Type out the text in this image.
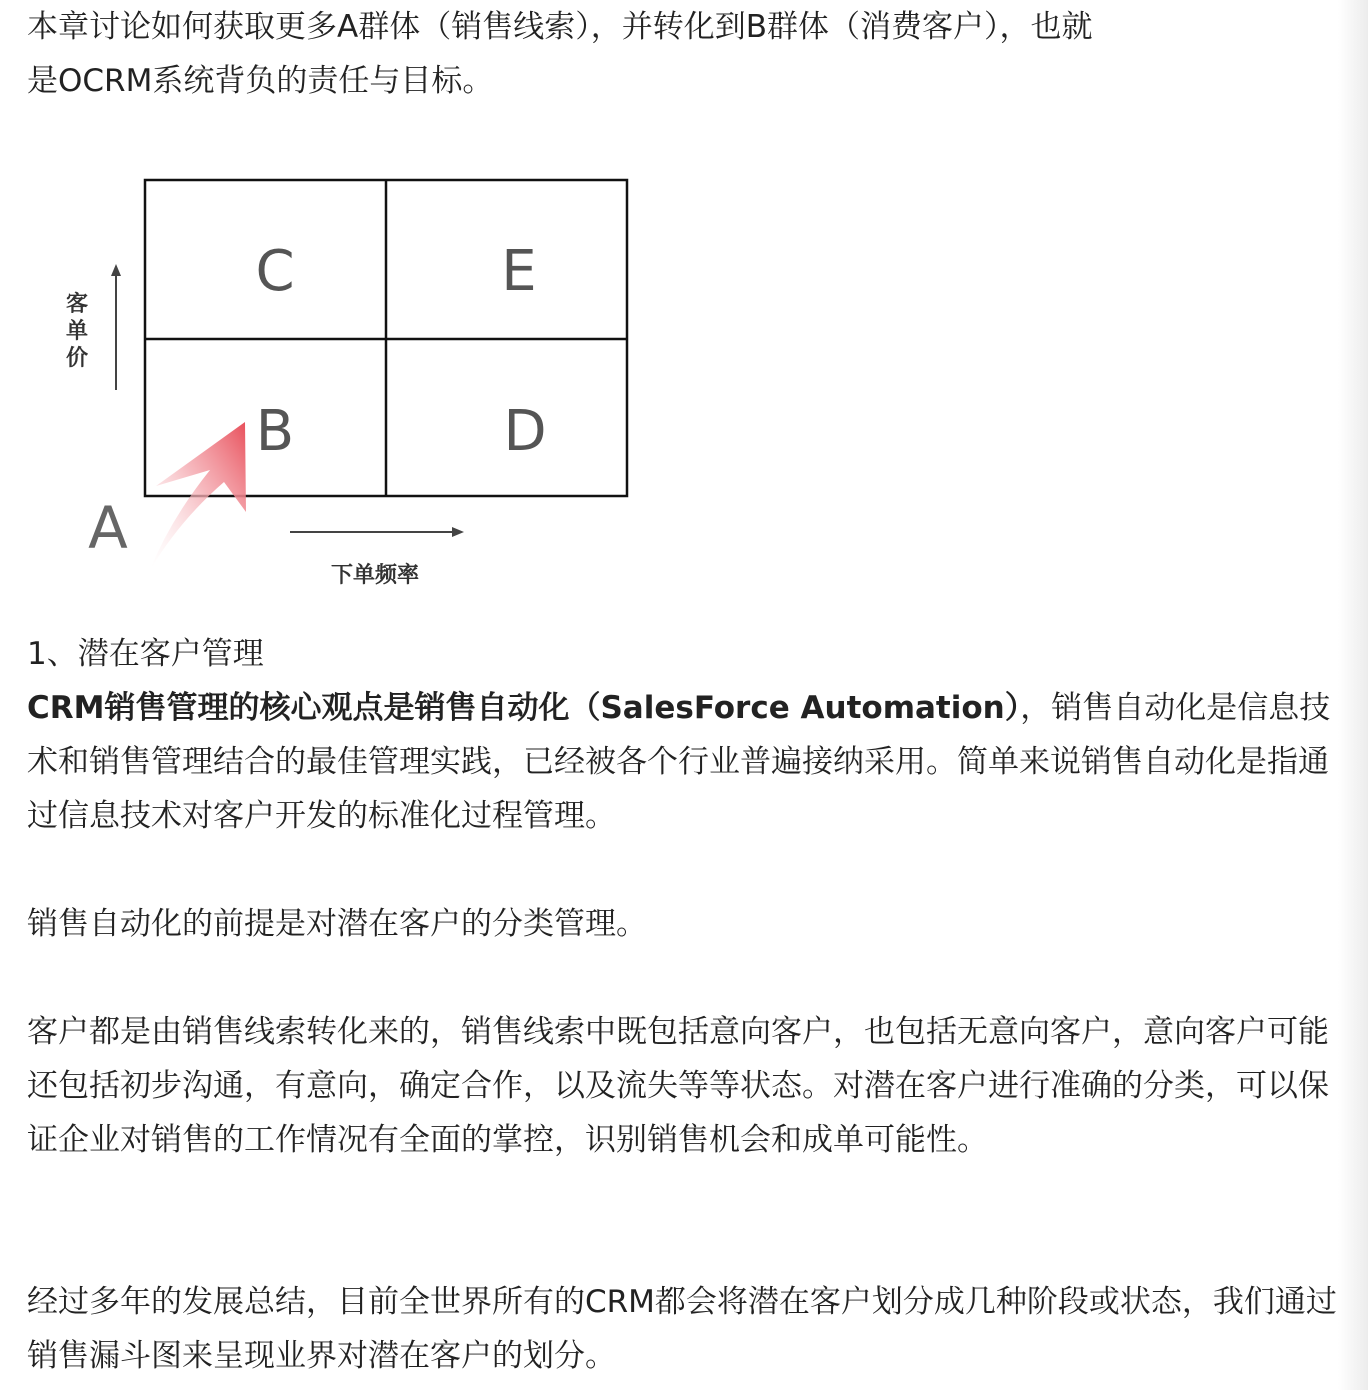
本章讨论如何获取更多A群体（销售线索），并转化到B群体（消费客户），也就
是OCRM系统背负的责任与目标。

C	E
B	D
A
客
单
价
下单频率

1、潜在客户管理

CRM销售管理的核心观点是销售自动化（SalesForce Automation），销售自动化是信息技术和销售管理结合的最佳管理实践，已经被各个行业普遍接纳采用。简单来说销售自动化是指通过信息技术对客户开发的标准化过程管理。

销售自动化的前提是对潜在客户的分类管理。

客户都是由销售线索转化来的，销售线索中既包括意向客户，也包括无意向客户，意向客户可能还包括初步沟通，有意向，确定合作，以及流失等等状态。对潜在客户进行准确的分类，可以保证企业对销售的工作情况有全面的掌控，识别销售机会和成单可能性。

经过多年的发展总结，目前全世界所有的CRM都会将潜在客户划分成几种阶段或状态，我们通过销售漏斗图来呈现业界对潜在客户的划分。
